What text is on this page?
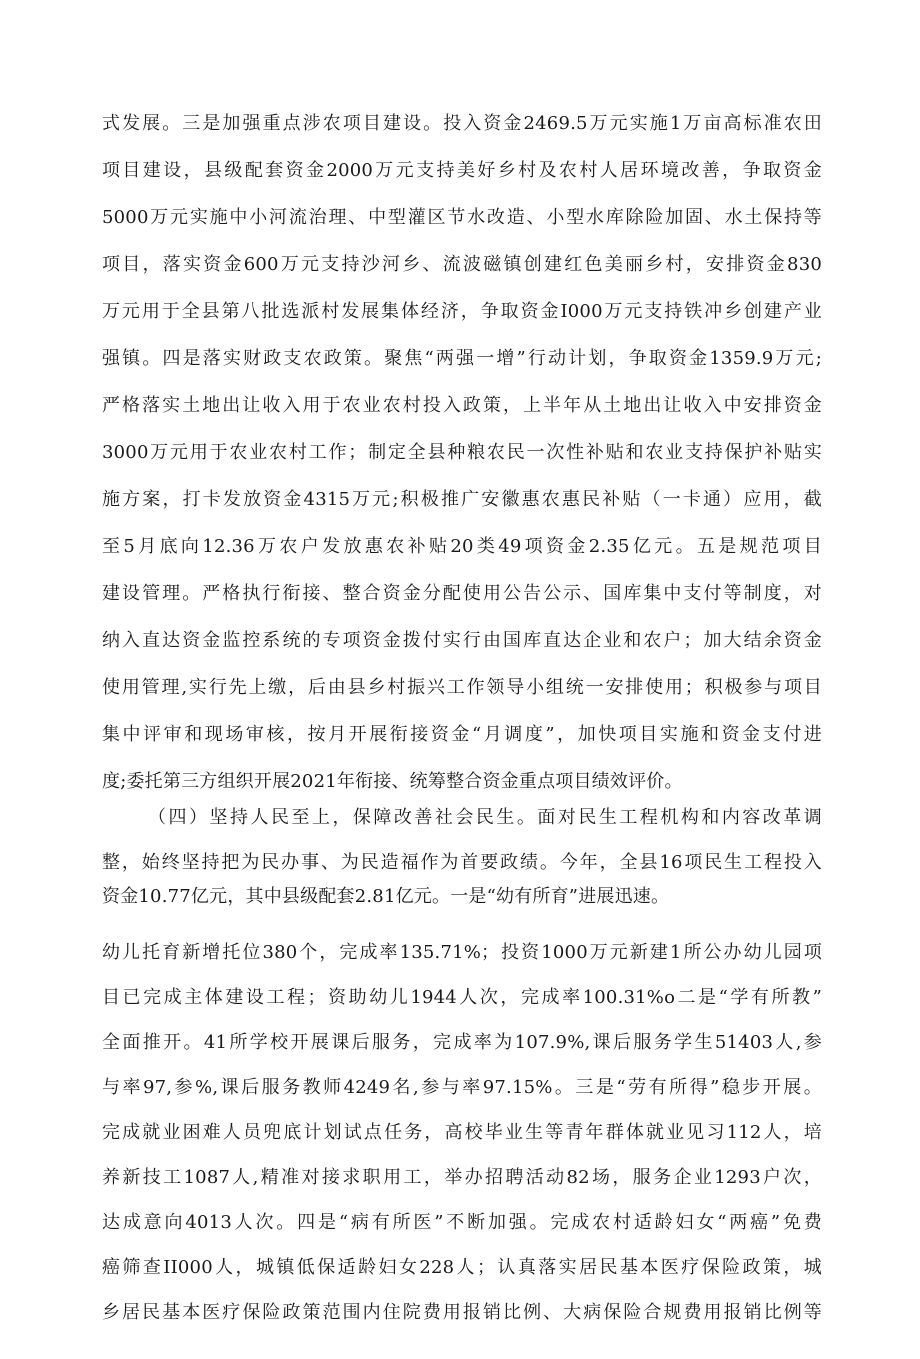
式发展。三是加强重点涉农项目建设。投入资金2469.5万元实施1万亩高标准农田
项目建设，县级配套资金2000万元支持美好乡村及农村人居环境改善，争取资金
5000万元实施中小河流治理、中型灌区节水改造、小型水库除险加固、水土保持等
项目，落实资金600万元支持沙河乡、流波磁镇创建红色美丽乡村，安排资金830
万元用于全县第八批选派村发展集体经济，争取资金I000万元支持铁冲乡创建产业
强镇。四是落实财政支农政策。聚焦“两强一增”行动计划，争取资金1359.9万元;
严格落实土地出让收入用于农业农村投入政策，上半年从土地出让收入中安排资金
3000万元用于农业农村工作；制定全县种粮农民一次性补贴和农业支持保护补贴实
施方案，打卡发放资金4315万元;积极推广安徽惠农惠民补贴（一卡通）应用，截
至5月底向12.36万农户发放惠农补贴20类49项资金2.35亿元。五是规范项目
建设管理。严格执行衔接、整合资金分配使用公告公示、国库集中支付等制度，对
纳入直达资金监控系统的专项资金拨付实行由国库直达企业和农户；加大结余资金
使用管理,实行先上缴，后由县乡村振兴工作领导小组统一安排使用；积极参与项目
集中评审和现场审核，按月开展衔接资金“月调度”，加快项目实施和资金支付进
度;委托第三方组织开展2021年衔接、统筹整合资金重点项目绩效评价。
（四）坚持人民至上，保障改善社会民生。面对民生工程机构和内容改革调
整，始终坚持把为民办事、为民造福作为首要政绩。今年，全县16项民生工程投入
资金10.77亿元，其中县级配套2.81亿元。一是“幼有所育”进展迅速。
幼儿托育新增托位380个，完成率135.71%；投资1000万元新建1所公办幼儿园项
目已完成主体建设工程；资助幼儿1944人次，完成率100.31%o二是“学有所教”
全面推开。41所学校开展课后服务，完成率为107.9%,课后服务学生51403人,参
与率97,参%,课后服务教师4249名,参与率97.15%。三是“劳有所得”稳步开展。
完成就业困难人员兜底计划试点任务，高校毕业生等青年群体就业见习112人，培
养新技工1087人,精准对接求职用工，举办招聘活动82场，服务企业1293户次，
达成意向4013人次。四是“病有所医”不断加强。完成农村适龄妇女“两癌”免费
癌筛查II000人，城镇低保适龄妇女228人；认真落实居民基本医疗保险政策，城
乡居民基本医疗保险政策范围内住院费用报销比例、大病保险合规费用报销比例等
